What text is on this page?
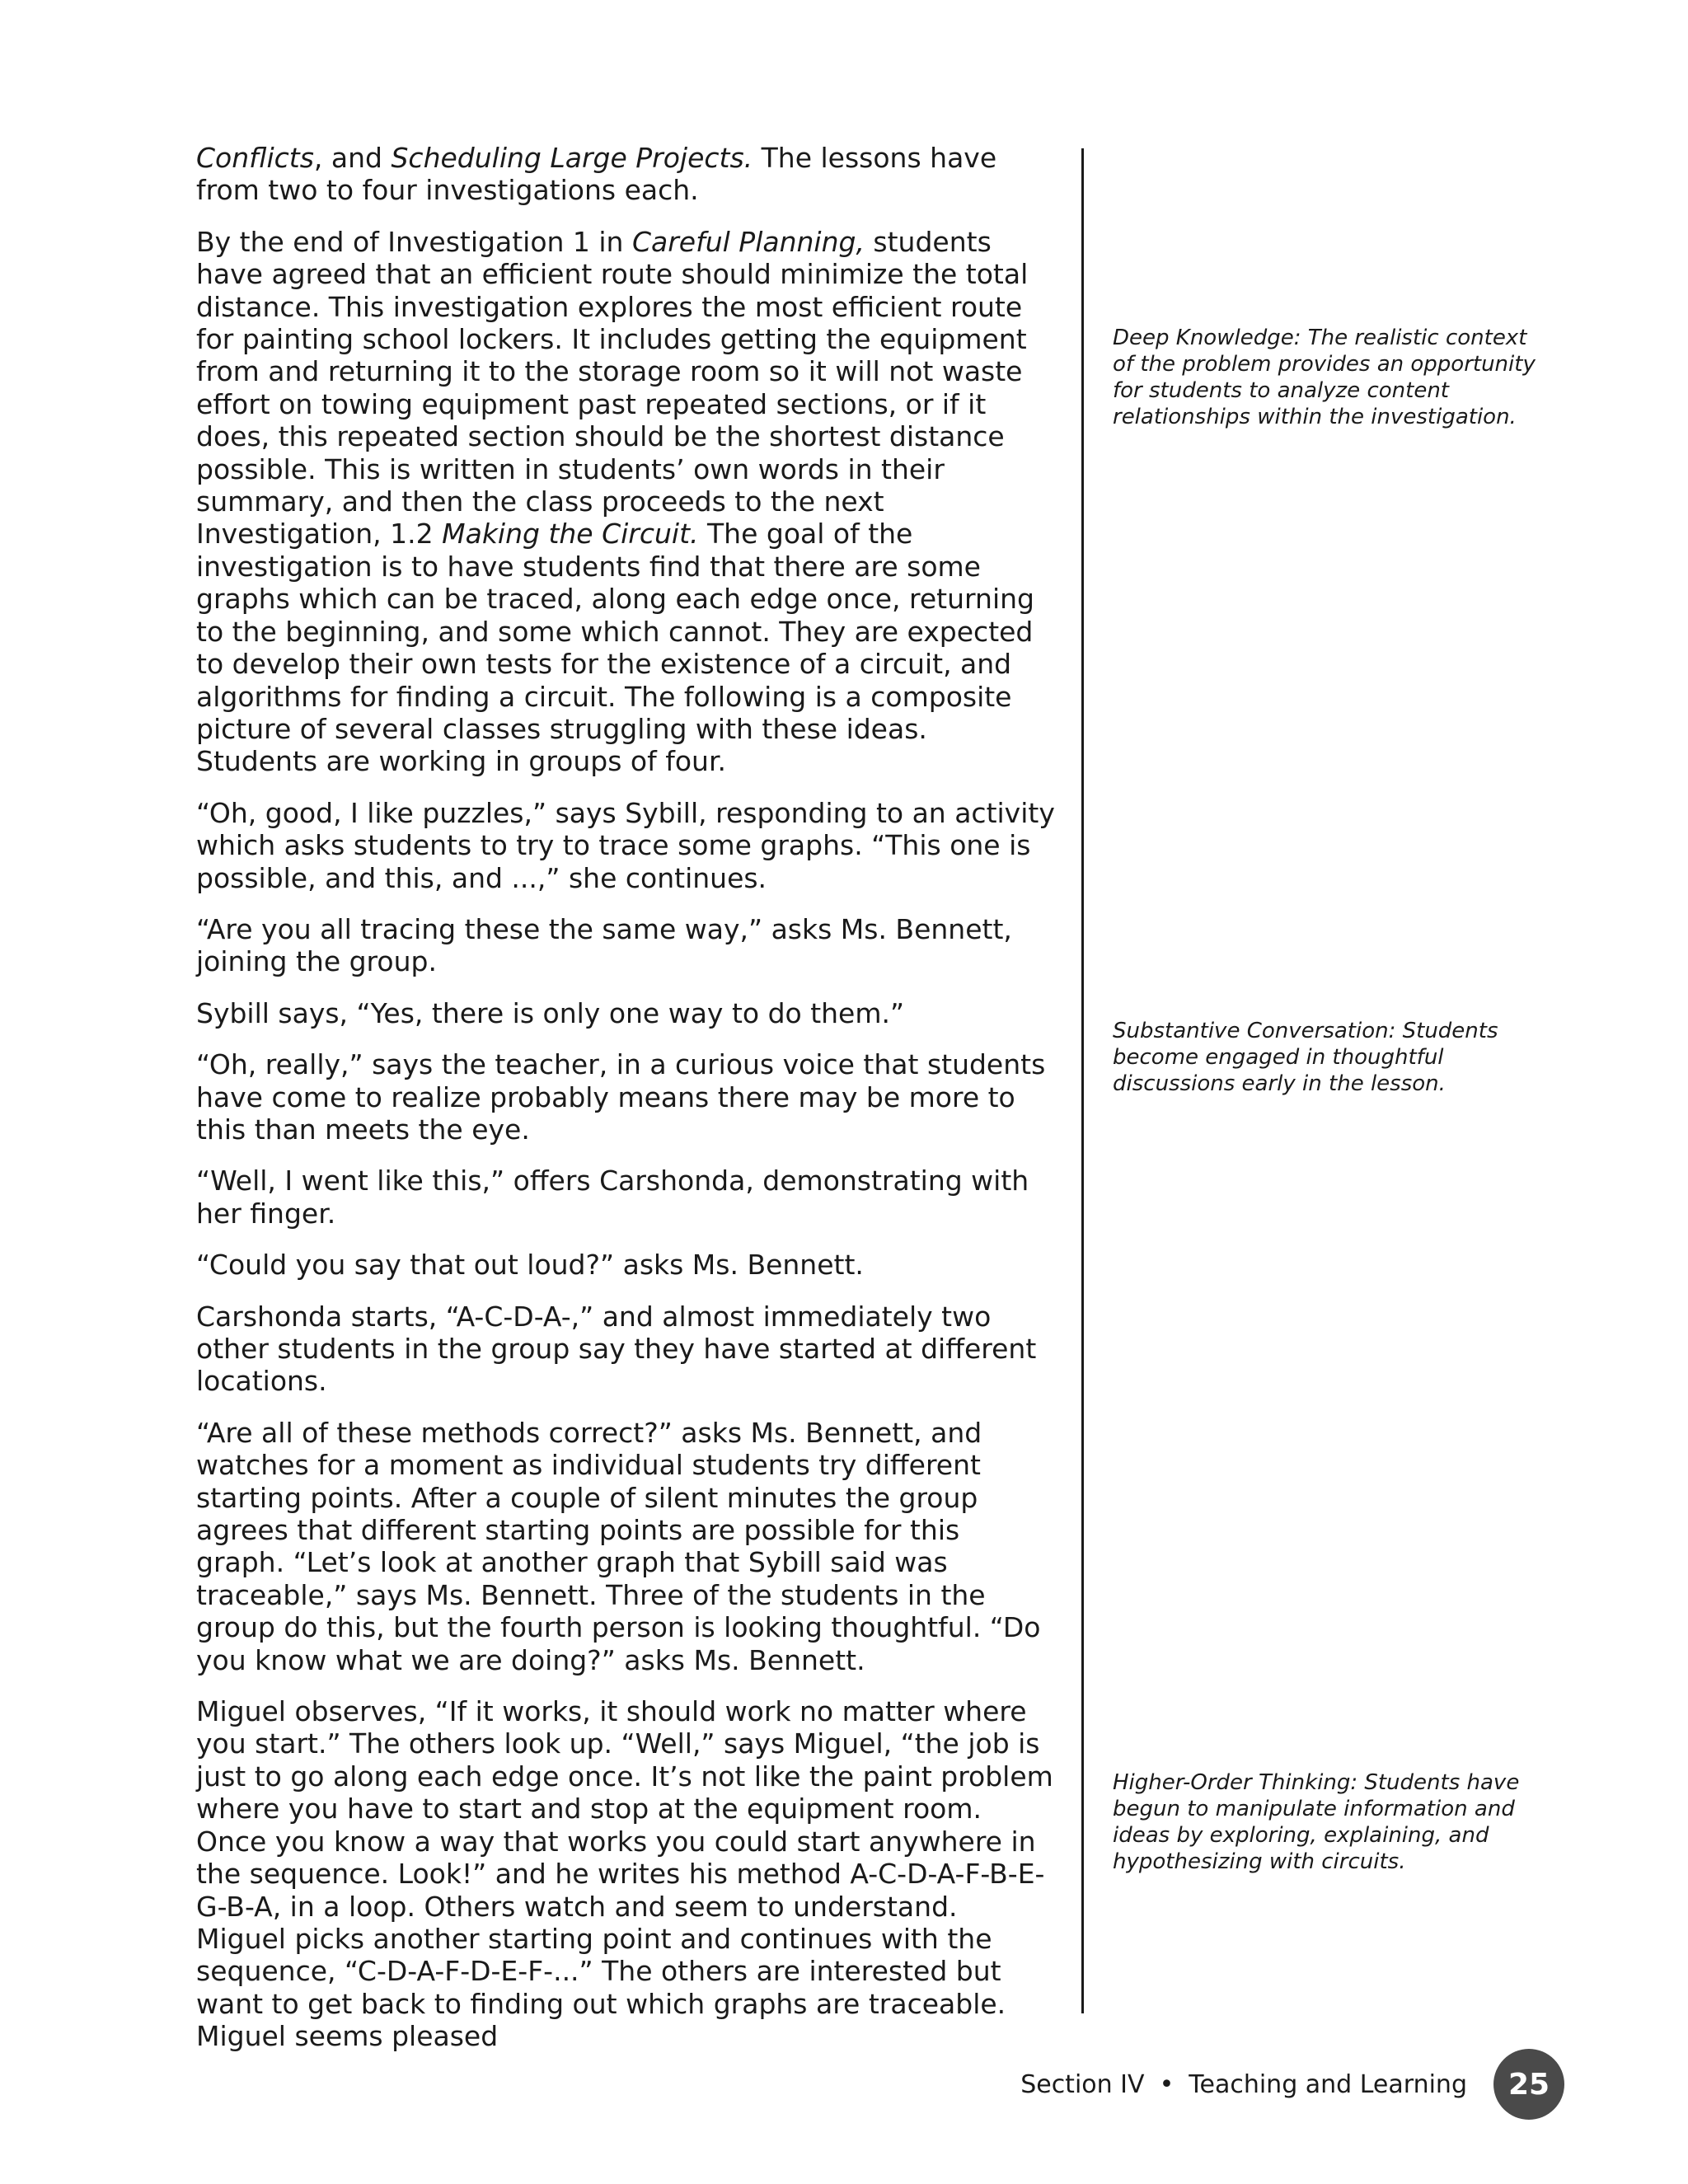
Conflicts, and Scheduling Large Projects. The lessons have from two to four investigations each.

By the end of Investigation 1 in Careful Planning, students have agreed that an efficient route should minimize the total distance. This investigation explores the most efficient route for painting school lockers. It includes getting the equipment from and returning it to the storage room so it will not waste effort on towing equipment past repeated sections, or if it does, this repeated section should be the shortest distance possible. This is written in students’ own words in their summary, and then the class proceeds to the next Investigation, 1.2 Making the Circuit. The goal of the investigation is to have students find that there are some graphs which can be traced, along each edge once, returning to the beginning, and some which cannot. They are expected to develop their own tests for the existence of a circuit, and algorithms for finding a circuit. The following is a composite picture of several classes struggling with these ideas. Students are working in groups of four.

“Oh, good, I like puzzles,” says Sybill, responding to an activity which asks students to try to trace some graphs. “This one is possible, and this, and ...,” she continues.

“Are you all tracing these the same way,” asks Ms. Bennett, joining the group.

Sybill says, “Yes, there is only one way to do them.”

“Oh, really,” says the teacher, in a curious voice that students have come to realize probably means there may be more to this than meets the eye.

“Well, I went like this,” offers Carshonda, demonstrating with her finger.

“Could you say that out loud?” asks Ms. Bennett.

Carshonda starts, “A-C-D-A-,” and almost immediately two other students in the group say they have started at different locations.

“Are all of these methods correct?” asks Ms. Bennett, and watches for a moment as individual students try different starting points. After a couple of silent minutes the group agrees that different starting points are possible for this graph. “Let’s look at another graph that Sybill said was traceable,” says Ms. Bennett. Three of the students in the group do this, but the fourth person is looking thoughtful. “Do you know what we are doing?” asks Ms. Bennett.

Miguel observes, “If it works, it should work no matter where you start.” The others look up. “Well,” says Miguel, “the job is just to go along each edge once. It’s not like the paint problem where you have to start and stop at the equipment room. Once you know a way that works you could start anywhere in the sequence. Look!” and he writes his method A-C-D-A-F-B-E-G-B-A, in a loop. Others watch and seem to understand. Miguel picks another starting point and continues with the sequence, “C-D-A-F-D-E-F-...” The others are interested but want to get back to finding out which graphs are traceable. Miguel seems pleased

Deep Knowledge: The realistic context of the problem provides an opportunity for students to analyze content relationships within the investigation.
Substantive Conversation: Students become engaged in thoughtful discussions early in the lesson.
Higher-Order Thinking: Students have begun to manipulate information and ideas by exploring, explaining, and hypothesizing with circuits.
Section IV • Teaching and Learning 25
